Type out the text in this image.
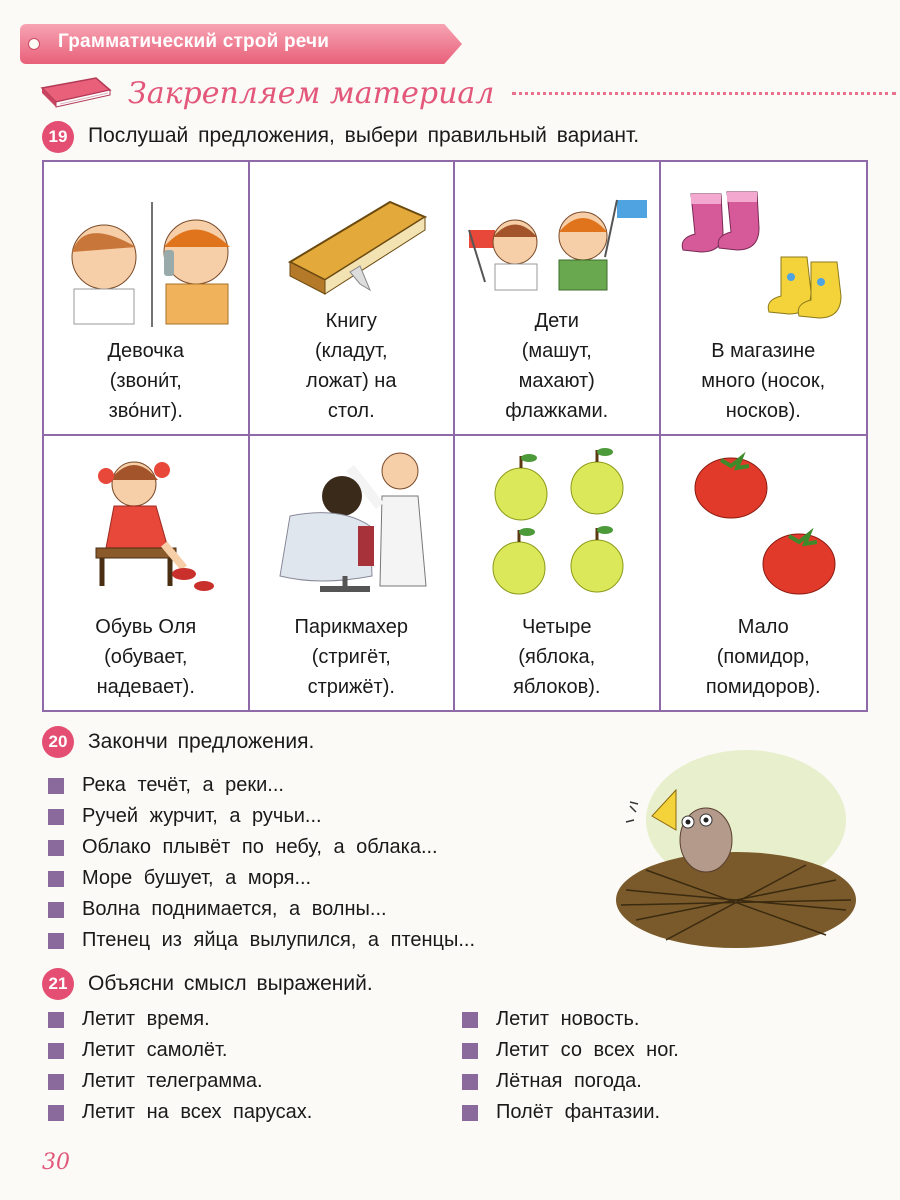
Грамматический строй речи
Закрепляем материал
19 Послушай предложения, выбери правильный вариант.
Девочка
(звони́т,
зво́нит).
Книгу
(кладут,
ложат) на
стол.
Дети
(машут,
махают)
флажками.
В магазине
много (носок,
носков).
Обувь Оля
(обувает,
надевает).
Парикмахер
(стригёт,
стрижёт).
Четыре
(яблока,
яблоков).
Мало
(помидор,
помидоров).
20 Закончи предложения.
Река течёт, а реки...
Ручей журчит, а ручьи...
Облако плывёт по небу, а облака...
Море бушует, а моря...
Волна поднимается, а волны...
Птенец из яйца вылупился, а птенцы...
21 Объясни смысл выражений.
Летит время.
Летит самолёт.
Летит телеграмма.
Летит на всех парусах.
Летит новость.
Летит со всех ног.
Лётная погода.
Полёт фантазии.
30
